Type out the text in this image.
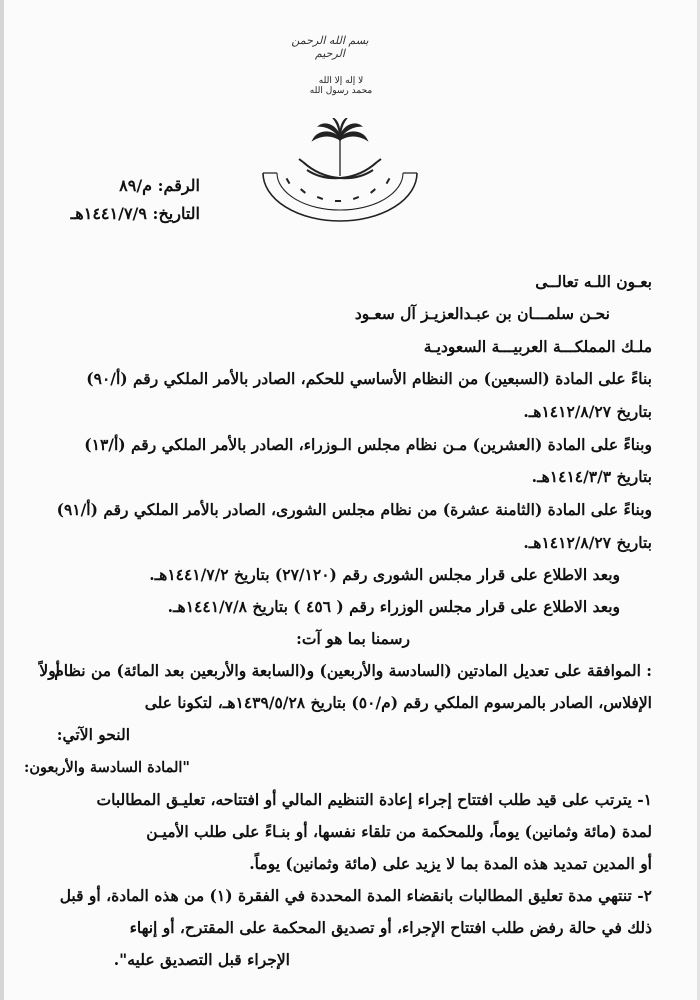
بسم الله الرحمن الرحيم
لا إله إلا الله محمد رسول الله
الرقم: م/٨٩
التاريخ: ١٤٤١/٧/٩هـ
بعـون اللـه تعالــى
نحـن سلمـــان بن عبـدالعزيـز آل سعـود
ملـك المملكـــة العربيـــة السعوديـة
بناءً على المادة (السبعين) من النظام الأساسي للحكم، الصادر بالأمر الملكي رقم (أ/٩٠)
بتاريخ ١٤١٢/٨/٢٧هـ.
وبناءً على المادة (العشرين) مـن نظام مجلس الـوزراء، الصادر بالأمر الملكي رقم (أ/١٣)
بتاريخ ١٤١٤/٣/٣هـ.
وبناءً على المادة (الثامنة عشرة) من نظام مجلس الشورى، الصادر بالأمر الملكي رقم (أ/٩١)
بتاريخ ١٤١٢/٨/٢٧هـ.
وبعد الاطلاع على قرار مجلس الشورى رقم (٢٧/١٢٠) بتاريخ ١٤٤١/٧/٢هـ.
وبعد الاطلاع على قرار مجلس الوزراء رقم ( ٤٥٦ ) بتاريخ ١٤٤١/٧/٨هـ.
رسمنا بما هو آت:
أولاً
: الموافقة على تعديل المادتين (السادسة والأربعين) و(السابعة والأربعين بعد المائة) من نظام
الإفلاس، الصادر بالمرسوم الملكي رقم (م/٥٠) بتاريخ ١٤٣٩/٥/٢٨هـ، لتكونا على
النحو الآتي:
"المادة السادسة والأربعون:
١- يترتب على قيد طلب افتتاح إجراء إعادة التنظيم المالي أو افتتاحه، تعليـق المطالبات
لمدة (مائة وثمانين) يوماً، وللمحكمة من تلقاء نفسها، أو بنـاءً على طلب الأميـن
أو المدين تمديد هذه المدة بما لا يزيد على (مائة وثمانين) يوماً.
٢- تنتهي مدة تعليق المطالبات بانقضاء المدة المحددة في الفقرة (١) من هذه المادة، أو قبل
ذلك في حالة رفض طلب افتتاح الإجراء، أو تصديق المحكمة على المقترح، أو إنهاء
الإجراء قبل التصديق عليه".
